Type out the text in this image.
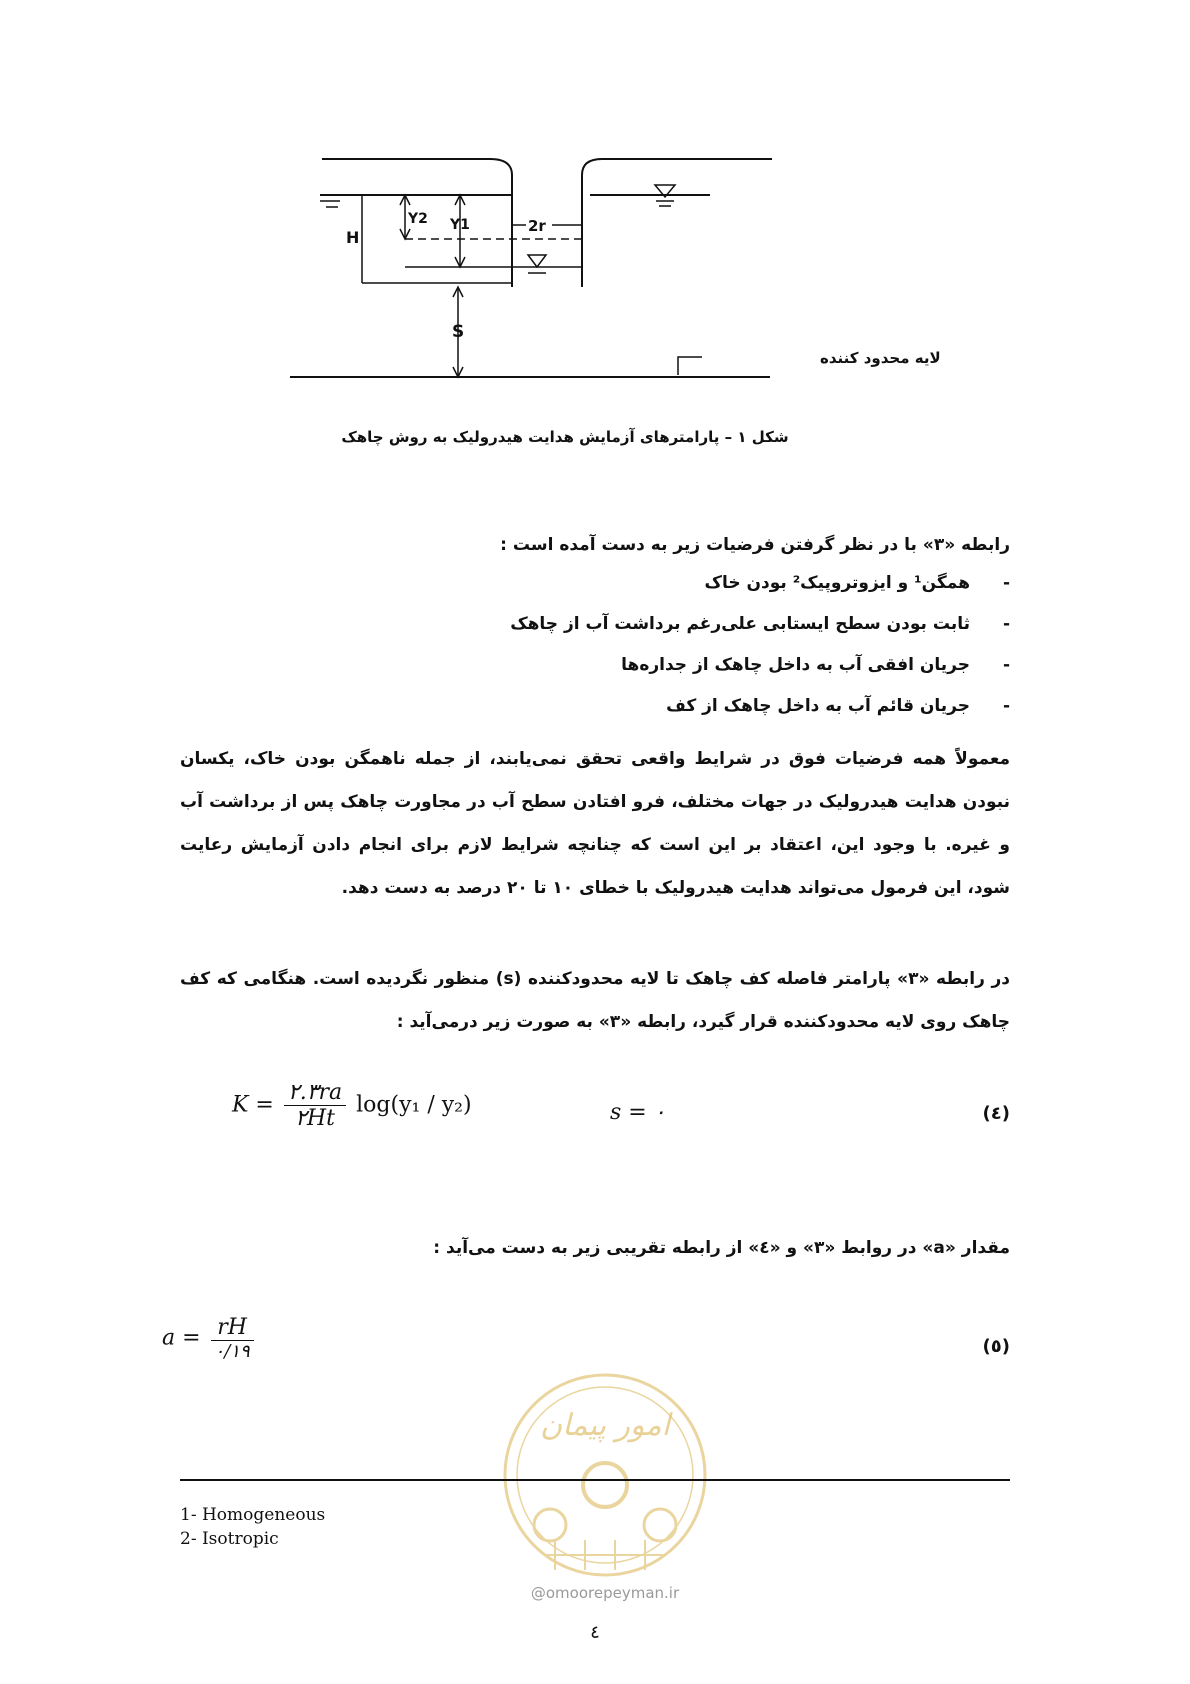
H
Y2 Y1	2r
S
لایه محدود کننده
شکل ۱ – پارامترهای آزمایش هدایت هیدرولیک به روش چاهک
رابطه «۳» با در نظر گرفتن فرضیات زیر به دست آمده است :
-همگن¹ و ایزوتروپیک² بودن خاک
-ثابت بودن سطح ایستابی علی‌رغم برداشت آب از چاهک
-جریان افقی آب به داخل چاهک از جداره‌ها
-جریان قائم آب به داخل چاهک از کف
معمولاً همه فرضیات فوق در شرایط واقعی تحقق نمی‌یابند، از جمله ناهمگن بودن خاک، یکسان نبودن هدایت هیدرولیک در جهات مختلف، فرو افتادن سطح آب در مجاورت چاهک پس از برداشت آب و غیره. با وجود این، اعتقاد بر این است که چنانچه شرایط لازم برای انجام دادن آزمایش رعایت شود، این فرمول می‌تواند هدایت هیدرولیک با خطای ۱۰ تا ۲۰ درصد به دست دهد.
در رابطه «۳» پارامتر فاصله کف چاهک تا لایه محدودکننده (s) منظور نگردیده است. هنگامی که کف چاهک روی لایه محدودکننده قرار گیرد، رابطه «۳» به صورت زیر درمی‌آید :
$K = \frac{۲.۳ra}{۲Ht} \log(y_1 / y_2)$	s = ۰	(٤)
مقدار «a» در روابط «۳» و «٤» از رابطه تقریبی زیر به دست می‌آید :
$a = \frac{rH}{۰/۱۹}$	(٥)
امور پیمان
@omoorepeyman.ir
1- Homogeneous
2- Isotropic
٤
